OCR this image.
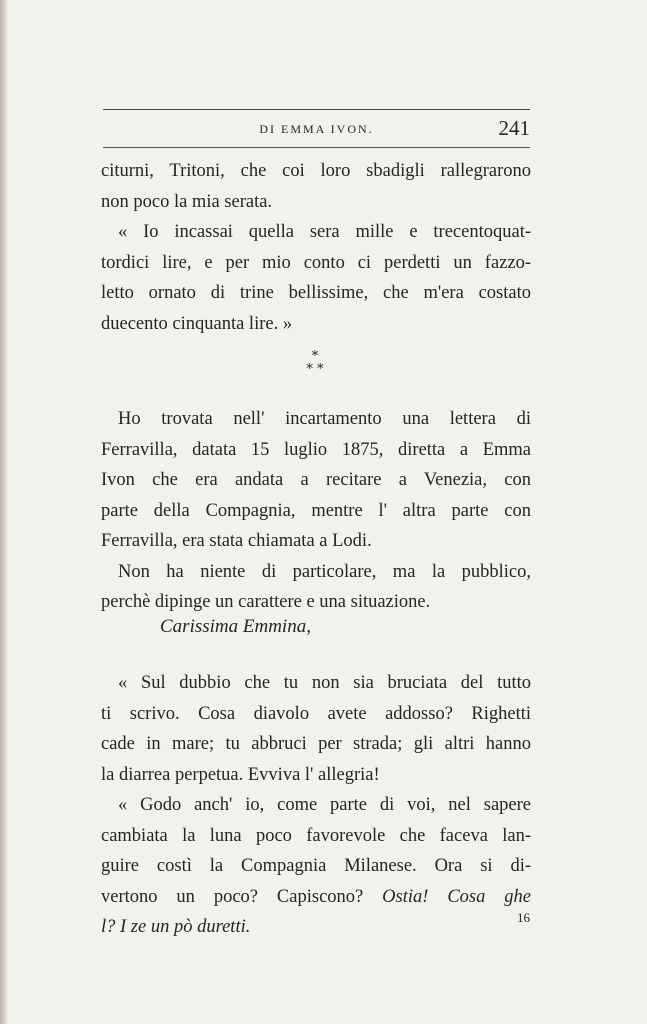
DI EMMA IVON.	241

citurni, Tritoni, che coi loro sbadigli rallegrarono

non poco la mia serata.

« Io incassai quella sera mille e trecentoquat-

tordici lire, e per mio conto ci perdetti un fazzo-

letto ornato di trine bellissime, che m'era costato

duecento cinquanta lire. »

*
* *

Ho trovata nell' incartamento una lettera di

Ferravilla, datata 15 luglio 1875, diretta a Emma

Ivon che era andata a recitare a Venezia, con

parte della Compagnia, mentre l' altra parte con

Ferravilla, era stata chiamata a Lodi.

Non ha niente di particolare, ma la pubblico,

perchè dipinge un carattere e una situazione.

Carissima Emmina,

« Sul dubbio che tu non sia bruciata del tutto

ti scrivo. Cosa diavolo avete addosso? Righetti

cade in mare; tu abbruci per strada; gli altri hanno

la diarrea perpetua. Evviva l' allegria!

« Godo anch' io, come parte di voi, nel sapere

cambiata la luna poco favorevole che faceva lan-

guire costì la Compagnia Milanese. Ora si di-

vertono un poco? Capiscono? Ostia! Cosa ghe

l? I ze un pò duretti.	16
